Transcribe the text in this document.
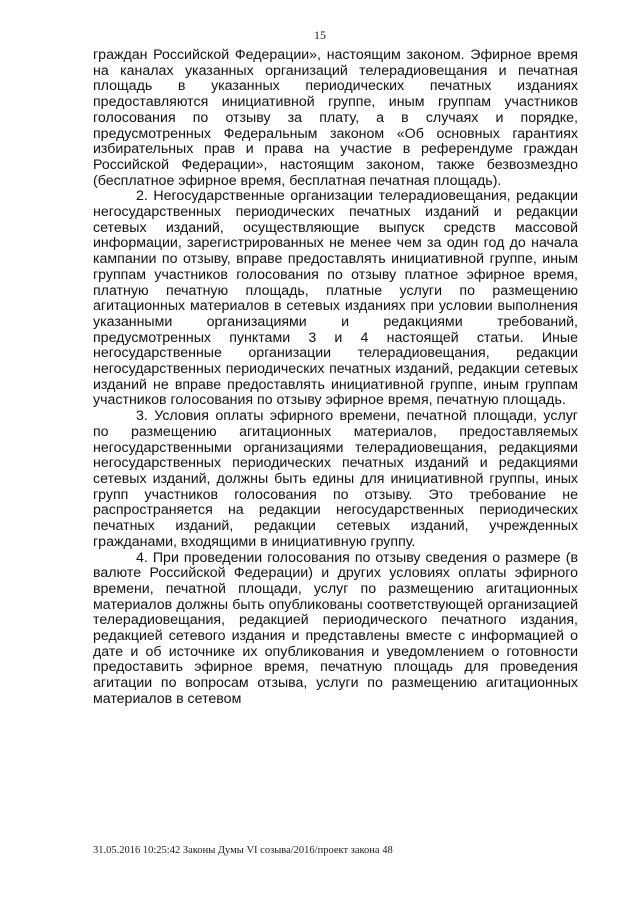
15

граждан Российской Федерации», настоящим законом. Эфирное время на каналах указанных организаций телерадиовещания и печатная площадь в указанных периодических печатных изданиях предоставляются инициативной группе, иным группам участников голосования по отзыву за плату, а в случаях и порядке, предусмотренных Федеральным законом «Об основных гарантиях избирательных прав и права на участие в референдуме граждан Российской Федерации», настоящим законом, также безвозмездно (бесплатное эфирное время, бесплатная печатная площадь).

2. Негосударственные организации телерадиовещания, редакции негосударственных периодических печатных изданий и редакции сетевых изданий, осуществляющие выпуск средств массовой информации, зарегистрированных не менее чем за один год до начала кампании по отзыву, вправе предоставлять инициативной группе, иным группам участников голосования по отзыву платное эфирное время, платную печатную площадь, платные услуги по размещению агитационных материалов в сетевых изданиях при условии выполнения указанными организациями и редакциями требований, предусмотренных пунктами 3 и 4 настоящей статьи. Иные негосударственные организации телерадиовещания, редакции негосударственных периодических печатных изданий, редакции сетевых изданий не вправе предоставлять инициативной группе, иным группам участников голосования по отзыву эфирное время, печатную площадь.

3. Условия оплаты эфирного времени, печатной площади, услуг по размещению агитационных материалов, предоставляемых негосударственными организациями телерадиовещания, редакциями негосударственных периодических печатных изданий и редакциями сетевых изданий, должны быть едины для инициативной группы, иных групп участников голосования по отзыву. Это требование не распространяется на редакции негосударственных периодических печатных изданий, редакции сетевых изданий, учрежденных гражданами, входящими в инициативную группу.

4. При проведении голосования по отзыву сведения о размере (в валюте Российской Федерации) и других условиях оплаты эфирного времени, печатной площади, услуг по размещению агитационных материалов должны быть опубликованы соответствующей организацией телерадиовещания, редакцией периодического печатного издания, редакцией сетевого издания и представлены вместе с информацией о дате и об источнике их опубликования и уведомлением о готовности предоставить эфирное время, печатную площадь для проведения агитации по вопросам отзыва, услуги по размещению агитационных материалов в сетевом

31.05.2016 10:25:42 Законы Думы VI созыва/2016/проект закона 48
